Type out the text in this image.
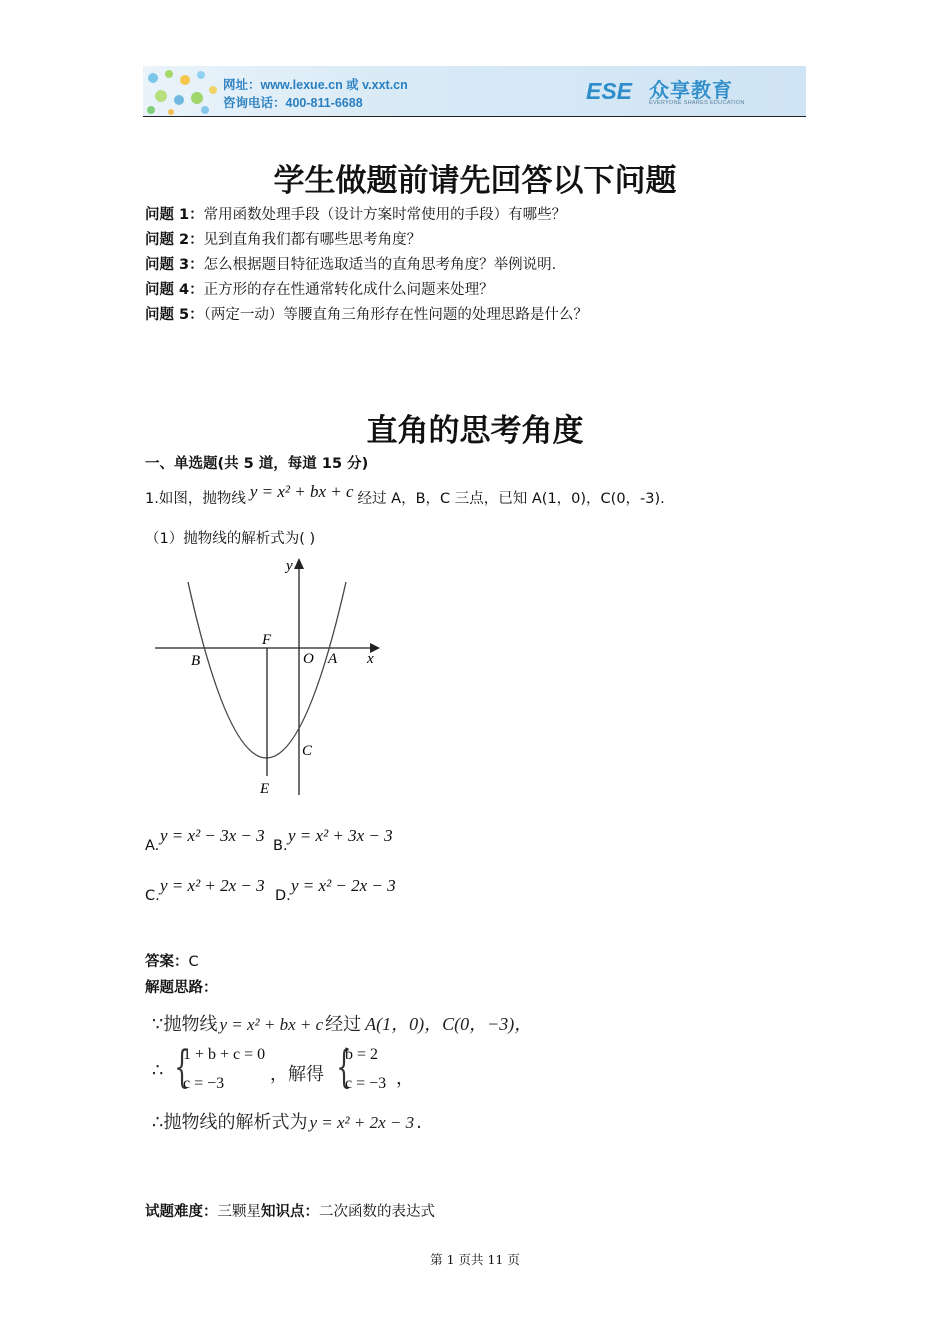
网址：www.lexue.cn 或 v.xxt.cn
咨询电话：400-811-6688	ESE 众享教育
EVERYONE SHARES EDUCATION
学生做题前请先回答以下问题
问题 1：常用函数处理手段（设计方案时常使用的手段）有哪些？
问题 2：见到直角我们都有哪些思考角度？
问题 3：怎么根据题目特征选取适当的直角思考角度？举例说明.
问题 4：正方形的存在性通常转化成什么问题来处理？
问题 5：（两定一动）等腰直角三角形存在性问题的处理思路是什么？
直角的思考角度
一、单选题(共 5 道，每道 15 分)
1.如图，抛物线 y = x² + bx + c 经过 A，B，C 三点，已知 A(1，0)，C(0，-3).
（1）抛物线的解析式为( )
y
x
F
O A
B
C
E
A.
y = x² − 3x − 3
B.
y = x² + 3x − 3
C.
y = x² + 2x − 3
D.
y = x² − 2x − 3
答案：C
解题思路：
∵抛物线 y = x² + bx + c 经过 A(1，0)，C(0，−3)，
∴ {
1 + b + c = 0
c = −3	，解得 {
b = 2
c = −3 ，
∴抛物线的解析式为 y = x² + 2x − 3 .
试题难度：三颗星知识点：二次函数的表达式
第 1 页共 11 页
